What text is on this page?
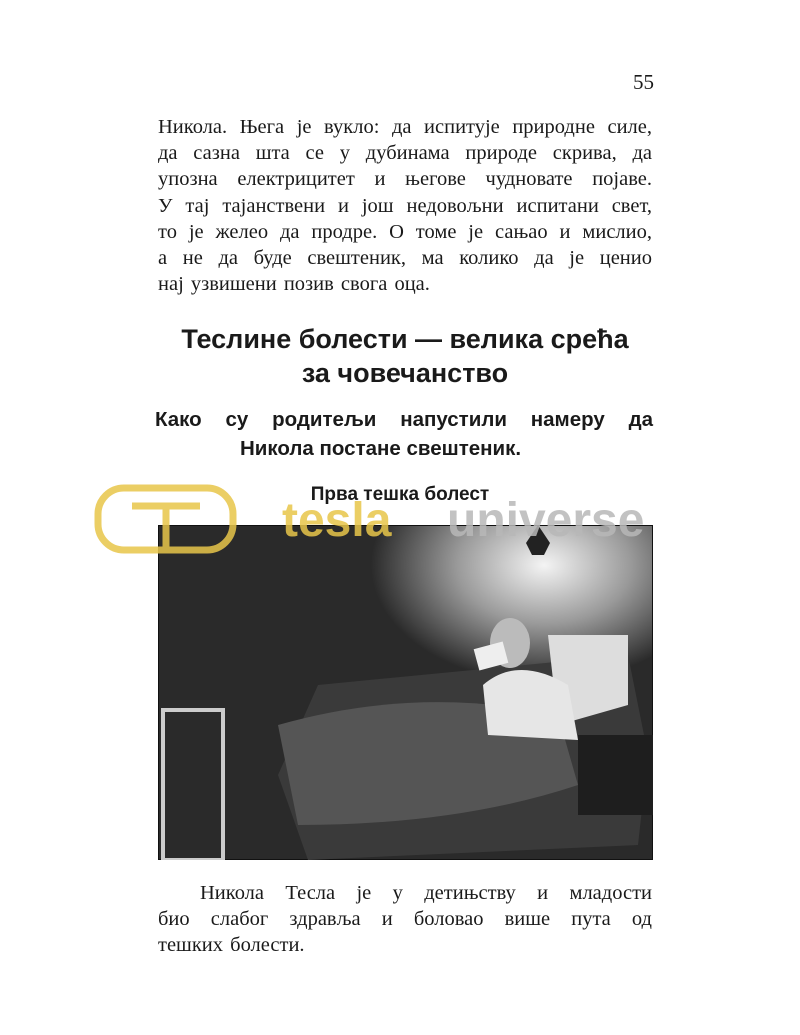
55
Никола. Њега је вукло: да испитује природне силе,
да сазна шта се у дубинама природе скрива, да
упозна електрицитет и његове чудновате појаве.
У тај тајанствени и још недовољни испитани свет,
то је желео да продре. О томе је сањао и мислио,
а не да буде свештеник, ма колико да је ценио
нај узвишени позив свога оца.
Теслине болести — велика срећа
за човечанство
Како су родитељи напустили намеру да
Никола постане свештеник.
Прва тешка болест
tesla universe
Никола Тесла је у детињству и младости
био слабог здравља и боловао више пута од
тешких болести.
